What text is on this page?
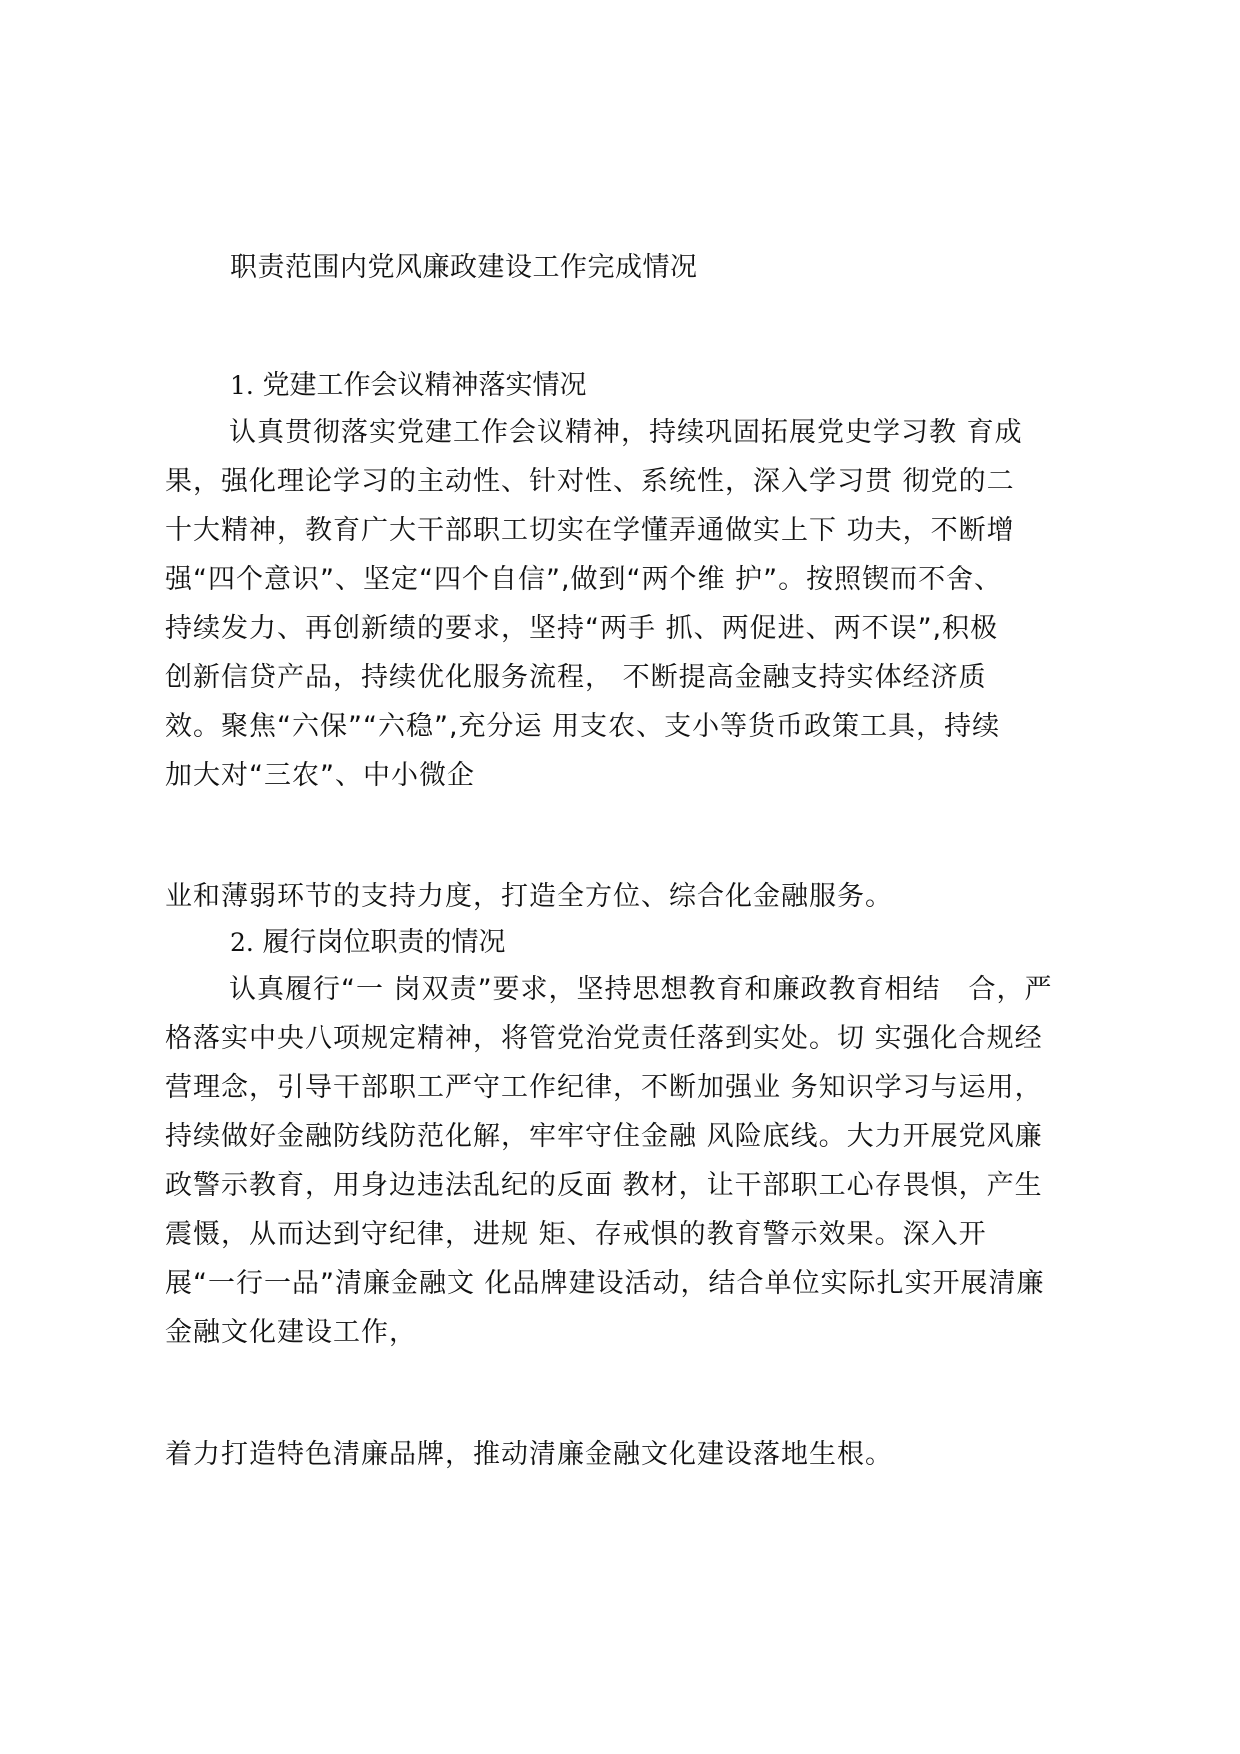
职责范围内党风廉政建设工作完成情况
1. 党建工作会议精神落实情况
认真贯彻落实党建工作会议精神，持续巩固拓展党史学习教 育成
果，强化理论学习的主动性、针对性、系统性，深入学习贯 彻党的二
十大精神，教育广大干部职工切实在学懂弄通做实上下 功夫，不断增
强“四个意识”、坚定“四个自信”,做到“两个维 护”。按照锲而不舍、
持续发力、再创新绩的要求，坚持“两手 抓、两促进、两不误”,积极
创新信贷产品，持续优化服务流程， 不断提高金融支持实体经济质
效。聚焦“六保”“六稳”,充分运 用支农、支小等货币政策工具，持续
加大对“三农”、中小微企
业和薄弱环节的支持力度，打造全方位、综合化金融服务。
2. 履行岗位职责的情况
认真履行“一 岗双责”要求，坚持思想教育和廉政教育相结　合，严
格落实中央八项规定精神，将管党治党责任落到实处。切 实强化合规经
营理念，引导干部职工严守工作纪律，不断加强业 务知识学习与运用，
持续做好金融防线防范化解，牢牢守住金融 风险底线。大力开展党风廉
政警示教育，用身边违法乱纪的反面 教材，让干部职工心存畏惧，产生
震慑，从而达到守纪律，进规 矩、存戒惧的教育警示效果。深入开
展“一行一品”清廉金融文 化品牌建设活动，结合单位实际扎实开展清廉
金融文化建设工作，
着力打造特色清廉品牌，推动清廉金融文化建设落地生根。
